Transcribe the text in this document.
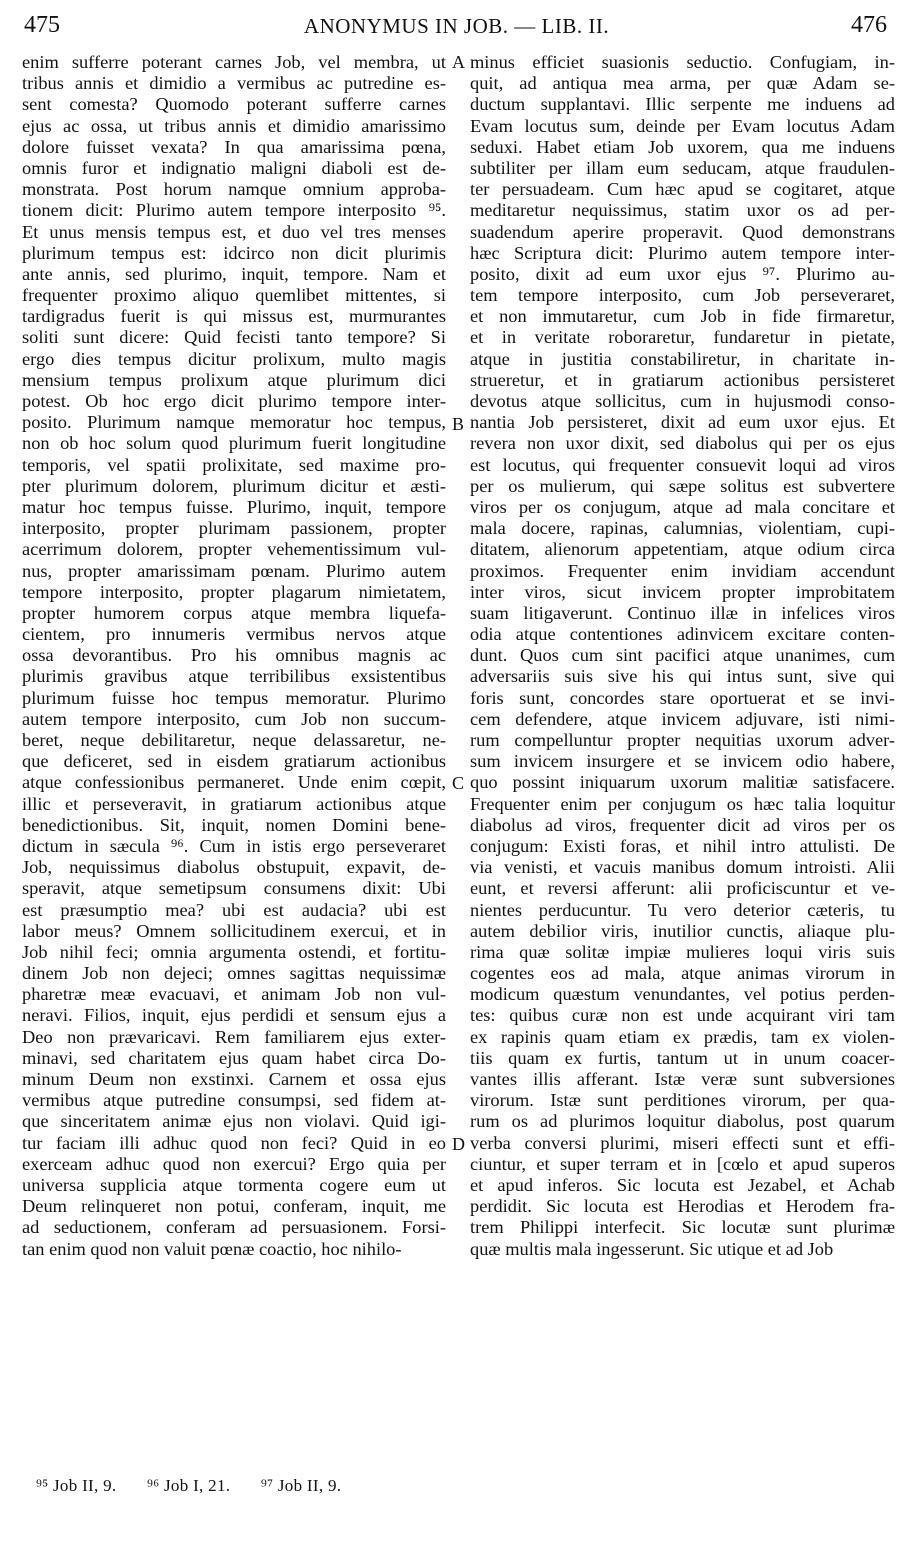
475	ANONYMUS IN JOB. — LIB. II.	476
enim sufferre poterant carnes Job, vel membra, ut
tribus annis et dimidio a vermibus ac putredine es-
sent comesta? Quomodo poterant sufferre carnes
ejus ac ossa, ut tribus annis et dimidio amarissimo
dolore fuisset vexata? In qua amarissima pœna,
omnis furor et indignatio maligni diaboli est de-
monstrata. Post horum namque omnium approba-
tionem dicit: Plurimo autem tempore interposito ⁹⁵.
Et unus mensis tempus est, et duo vel tres menses
plurimum tempus est: idcirco non dicit plurimis
ante annis, sed plurimo, inquit, tempore. Nam et
frequenter proximo aliquo quemlibet mittentes, si
tardigradus fuerit is qui missus est, murmurantes
soliti sunt dicere: Quid fecisti tanto tempore? Si
ergo dies tempus dicitur prolixum, multo magis
mensium tempus prolixum atque plurimum dici
potest. Ob hoc ergo dicit plurimo tempore inter-
posito. Plurimum namque memoratur hoc tempus,
non ob hoc solum quod plurimum fuerit longitudine
temporis, vel spatii prolixitate, sed maxime pro-
pter plurimum dolorem, plurimum dicitur et æsti-
matur hoc tempus fuisse. Plurimo, inquit, tempore
interposito, propter plurimam passionem, propter
acerrimum dolorem, propter vehementissimum vul-
nus, propter amarissimam pœnam. Plurimo autem
tempore interposito, propter plagarum nimietatem,
propter humorem corpus atque membra liquefa-
cientem, pro innumeris vermibus nervos atque
ossa devorantibus. Pro his omnibus magnis ac
plurimis gravibus atque terribilibus exsistentibus
plurimum fuisse hoc tempus memoratur. Plurimo
autem tempore interposito, cum Job non succum-
beret, neque debilitaretur, neque delassaretur, ne-
que deficeret, sed in eisdem gratiarum actionibus
atque confessionibus permaneret. Unde enim cœpit,
illic et perseveravit, in gratiarum actionibus atque
benedictionibus. Sit, inquit, nomen Domini bene-
dictum in sæcula ⁹⁶. Cum in istis ergo perseveraret
Job, nequissimus diabolus obstupuit, expavit, de-
speravit, atque semetipsum consumens dixit: Ubi
est præsumptio mea? ubi est audacia? ubi est
labor meus? Omnem sollicitudinem exercui, et in
Job nihil feci; omnia argumenta ostendi, et fortitu-
dinem Job non dejeci; omnes sagittas nequissimæ
pharetræ meæ evacuavi, et animam Job non vul-
neravi. Filios, inquit, ejus perdidi et sensum ejus a
Deo non prævaricavi. Rem familiarem ejus exter-
minavi, sed charitatem ejus quam habet circa Do-
minum Deum non exstinxi. Carnem et ossa ejus
vermibus atque putredine consumpsi, sed fidem at-
que sinceritatem animæ ejus non violavi. Quid igi-
tur faciam illi adhuc quod non feci? Quid in eo
exerceam adhuc quod non exercui? Ergo quia per
universa supplicia atque tormenta cogere eum ut
Deum relinqueret non potui, conferam, inquit, me
ad seductionem, conferam ad persuasionem. Forsi-
tan enim quod non valuit pœnæ coactio, hoc nihilo-
minus efficiet suasionis seductio. Confugiam, in-
quit, ad antiqua mea arma, per quæ Adam se-
ductum supplantavi. Illic serpente me induens ad
Evam locutus sum, deinde per Evam locutus Adam
seduxi. Habet etiam Job uxorem, qua me induens
subtiliter per illam eum seducam, atque fraudulen-
ter persuadeam. Cum hæc apud se cogitaret, atque
meditaretur nequissimus, statim uxor os ad per-
suadendum aperire properavit. Quod demonstrans
hæc Scriptura dicit: Plurimo autem tempore inter-
posito, dixit ad eum uxor ejus ⁹⁷. Plurimo au-
tem tempore interposito, cum Job perseveraret,
et non immutaretur, cum Job in fide firmaretur,
et in veritate roboraretur, fundaretur in pietate,
atque in justitia constabiliretur, in charitate in-
strueretur, et in gratiarum actionibus persisteret
devotus atque sollicitus, cum in hujusmodi conso-
nantia Job persisteret, dixit ad eum uxor ejus. Et
revera non uxor dixit, sed diabolus qui per os ejus
est locutus, qui frequenter consuevit loqui ad viros
per os mulierum, qui sæpe solitus est subvertere
viros per os conjugum, atque ad mala concitare et
mala docere, rapinas, calumnias, violentiam, cupi-
ditatem, alienorum appetentiam, atque odium circa
proximos. Frequenter enim invidiam accendunt
inter viros, sicut invicem propter improbitatem
suam litigaverunt. Continuo illæ in infelices viros
odia atque contentiones adinvicem excitare conten-
dunt. Quos cum sint pacifici atque unanimes, cum
adversariis suis sive his qui intus sunt, sive qui
foris sunt, concordes stare oportuerat et se invi-
cem defendere, atque invicem adjuvare, isti nimi-
rum compelluntur propter nequitias uxorum adver-
sum invicem insurgere et se invicem odio habere,
quo possint iniquarum uxorum malitiæ satisfacere.
Frequenter enim per conjugum os hæc talia loquitur
diabolus ad viros, frequenter dicit ad viros per os
conjugum: Existi foras, et nihil intro attulisti. De
via venisti, et vacuis manibus domum introisti. Alii
eunt, et reversi afferunt: alii proficiscuntur et ve-
nientes perducuntur. Tu vero deterior cæteris, tu
autem debilior viris, inutilior cunctis, aliaque plu-
rima quæ solitæ impiæ mulieres loqui viris suis
cogentes eos ad mala, atque animas virorum in
modicum quæstum venundantes, vel potius perden-
tes: quibus curæ non est unde acquirant viri tam
ex rapinis quam etiam ex prædis, tam ex violen-
tiis quam ex furtis, tantum ut in unum coacer-
vantes illis afferant. Istæ veræ sunt subversiones
virorum. Istæ sunt perditiones virorum, per qua-
rum os ad plurimos loquitur diabolus, post quarum
verba conversi plurimi, miseri effecti sunt et effi-
ciuntur, et super terram et in [cœlo et apud superos
et apud inferos. Sic locuta est Jezabel, et Achab
perdidit. Sic locuta est Herodias et Herodem fra-
trem Philippi interfecit. Sic locutæ sunt plurimæ
quæ multis mala ingesserunt. Sic utique et ad Job
A
B
C
D
⁹⁵ Job II, 9. ⁹⁶ Job I, 21. ⁹⁷ Job II, 9.
